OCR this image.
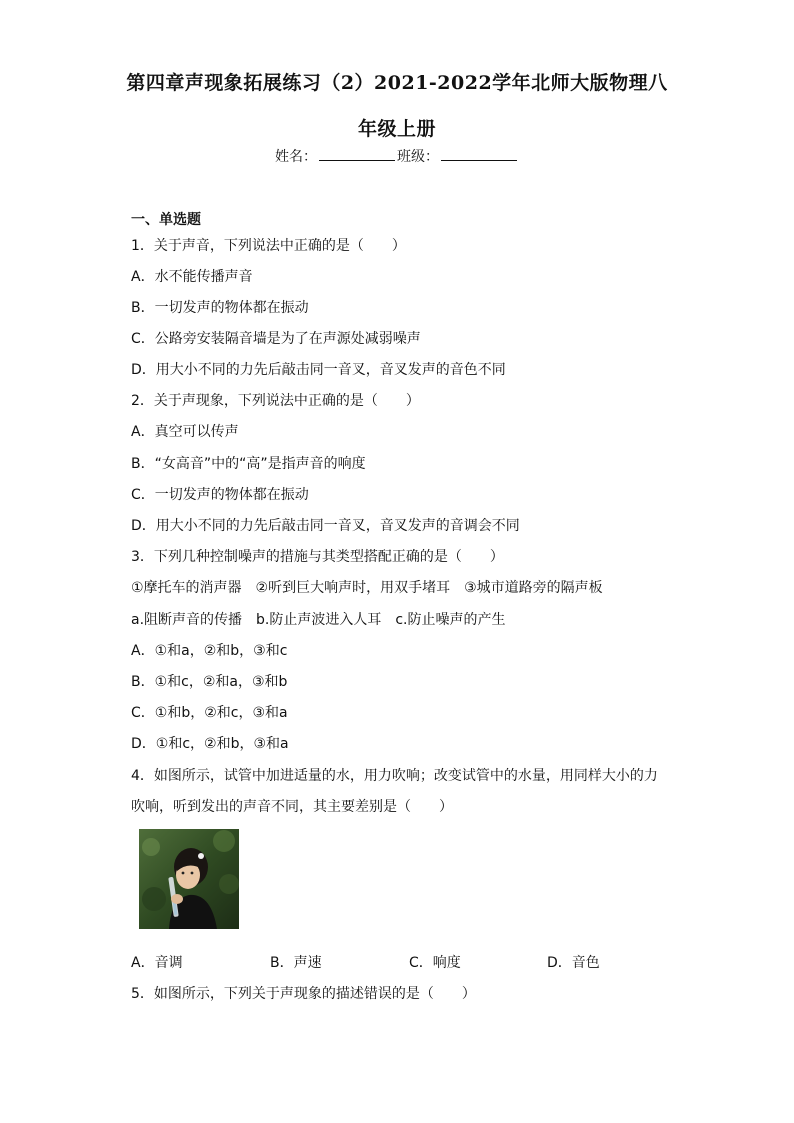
第四章声现象拓展练习（2）2021-2022学年北师大版物理八
年级上册
姓名：	班级：
一、单选题
1．关于声音，下列说法中正确的是（　　）
A．水不能传播声音
B．一切发声的物体都在振动
C．公路旁安装隔音墙是为了在声源处减弱噪声
D．用大小不同的力先后敲击同一音叉，音叉发声的音色不同
2．关于声现象，下列说法中正确的是（　　）
A．真空可以传声
B．“女高音”中的“高”是指声音的响度
C．一切发声的物体都在振动
D．用大小不同的力先后敲击同一音叉，音叉发声的音调会不同
3．下列几种控制噪声的措施与其类型搭配正确的是（　　）
①摩托车的消声器　②听到巨大响声时，用双手堵耳　③城市道路旁的隔声板
a.阻断声音的传播　b.防止声波进入人耳　c.防止噪声的产生
A．①和a，②和b，③和c
B．①和c，②和a，③和b
C．①和b，②和c，③和a
D．①和c，②和b，③和a
4．如图所示，试管中加进适量的水，用力吹响；改变试管中的水量，用同样大小的力
吹响，听到发出的声音不同，其主要差别是（　　）
A．音调	B．声速	C．响度	D．音色
5．如图所示，下列关于声现象的描述错误的是（　　）
